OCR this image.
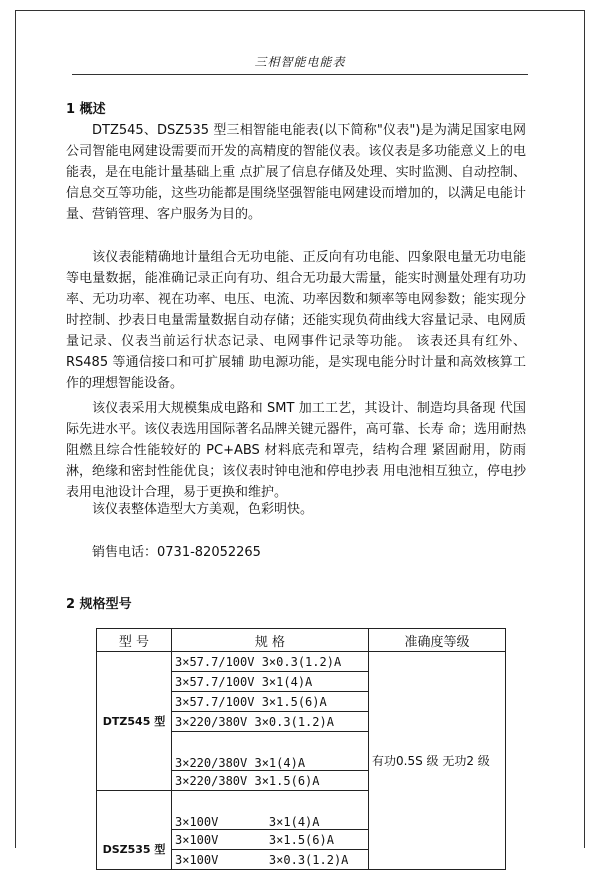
三相智能电能表
1 概述

DTZ545、DSZ535 型三相智能电能表(以下简称"仪表")是为满足国家电网公司智能电网建设需要而开发的高精度的智能仪表。该仪表是多功能意义上的电能表，是在电能计量基础上重 点扩展了信息存储及处理、实时监测、自动控制、信息交互等功能，这些功能都是围绕坚强智能电网建设而增加的，以满足电能计量、营销管理、客户服务为目的。

该仪表能精确地计量组合无功电能、正反向有功电能、四象限电量无功电能等电量数据，能准确记录正向有功、组合无功最大需量，能实时测量处理有功功率、无功功率、视在功率、电压、电流、功率因数和频率等电网参数；能实现分时控制、抄表日电量需量数据自动存储；还能实现负荷曲线大容量记录、电网质量记录、仪表当前运行状态记录、电网事件记录等功能。 该表还具有红外、RS485 等通信接口和可扩展辅 助电源功能，是实现电能分时计量和高效核算工作的理想智能设备。

该仪表采用大规模集成电路和 SMT 加工工艺，其设计、制造均具备现 代国际先进水平。该仪表选用国际著名品牌关键元器件，高可靠、长寿 命；选用耐热阻燃且综合性能较好的 PC+ABS 材料底壳和罩壳，结构合理 紧固耐用，防雨淋，绝缘和密封性能优良；该仪表时钟电池和停电抄表 用电池相互独立，停电抄表用电池设计合理，易于更换和维护。

该仪表整体造型大方美观，色彩明快。

销售电话：0731-82052265
2 规格型号
型 号	规 格	准确度等级
DTZ545 型	3×57.7/100V 3×0.3(1.2)A	有功0.5S 级 无功2 级
	3×57.7/100V 3×1(4)A	
	3×57.7/100V 3×1.5(6)A	
	3×220/380V 3×0.3(1.2)A	
	3×220/380V 3×1(4)A	
	3×220/380V 3×1.5(6)A	
DSZ535 型	3×100V       3×1(4)A	
	3×100V       3×1.5(6)A	
	3×100V       3×0.3(1.2)A	
